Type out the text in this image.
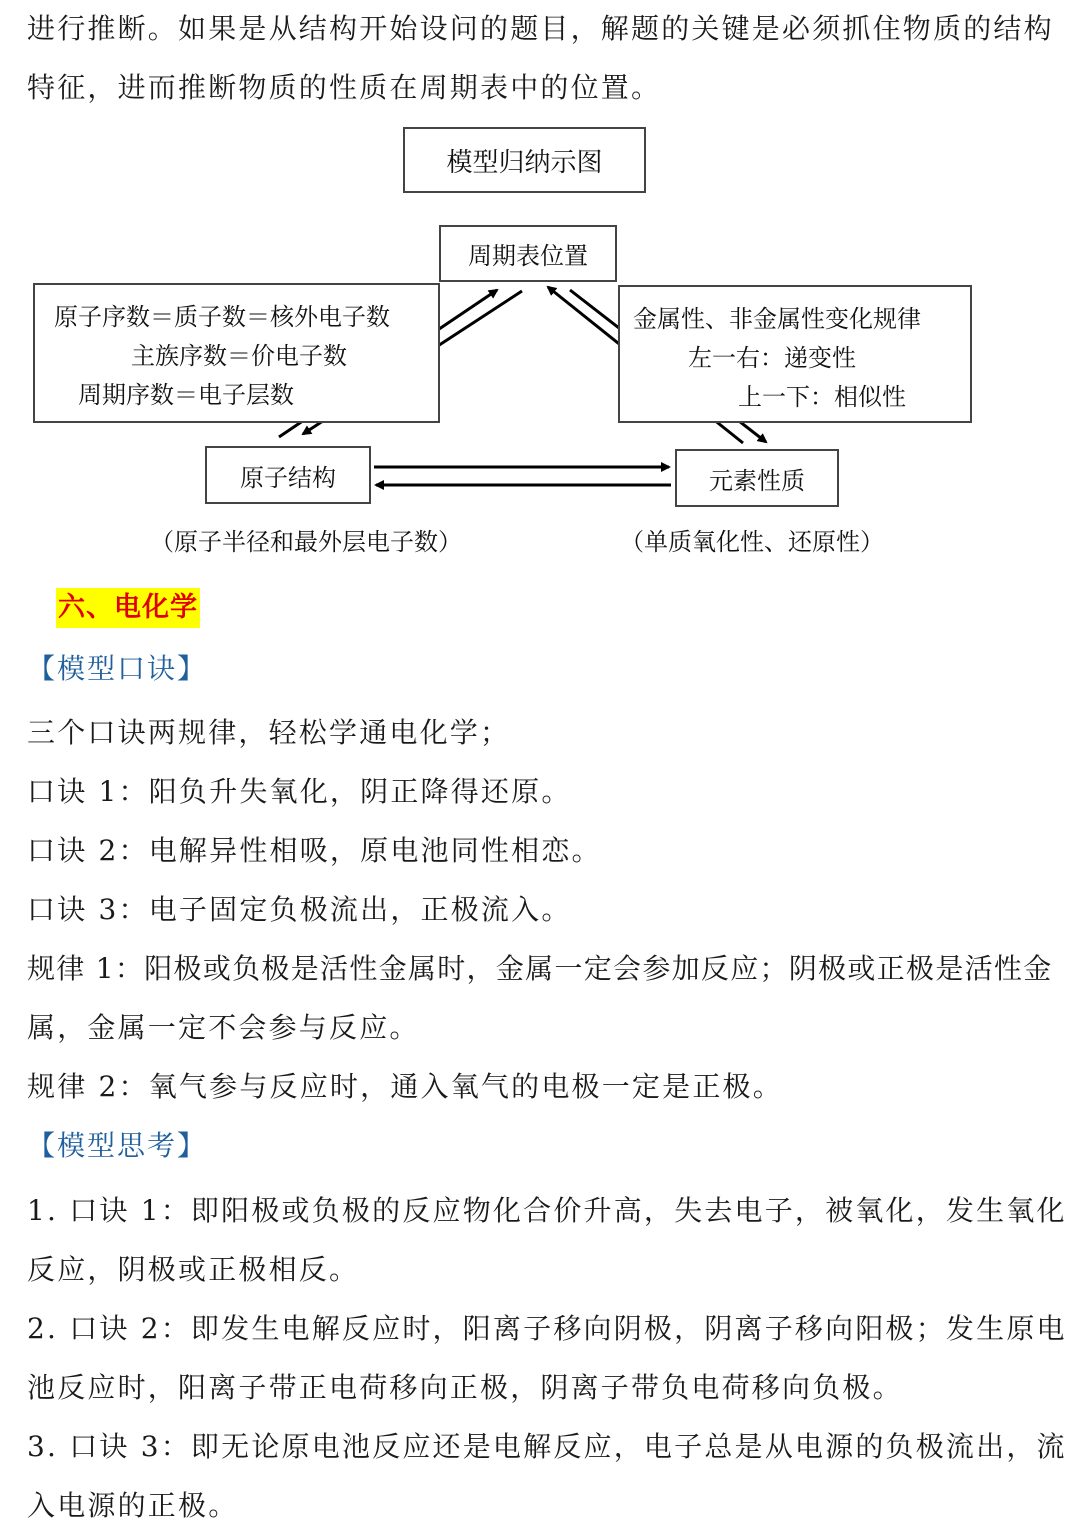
进行推断。如果是从结构开始设问的题目，解题的关键是必须抓住物质的结构
特征，进而推断物质的性质在周期表中的位置。
模型归纳示图
周期表位置
原子序数＝质子数＝核外电子数
主族序数＝价电子数
周期序数＝电子层数
金属性、非金属性变化规律
左一右：递变性
上一下：相似性
原子结构	元素性质
（原子半径和最外层电子数）	（单质氧化性、还原性）
六、电化学
【模型口诀】
三个口诀两规律，轻松学通电化学；
口诀 1：阳负升失氧化，阴正降得还原。
口诀 2：电解异性相吸，原电池同性相恋。
口诀 3：电子固定负极流出，正极流入。
规律 1：阳极或负极是活性金属时，金属一定会参加反应；阴极或正极是活性金
属，金属一定不会参与反应。
规律 2：氧气参与反应时，通入氧气的电极一定是正极。
【模型思考】
1. 口诀 1：即阳极或负极的反应物化合价升高，失去电子，被氧化，发生氧化
反应，阴极或正极相反。
2. 口诀 2：即发生电解反应时，阳离子移向阴极，阴离子移向阳极；发生原电
池反应时，阳离子带正电荷移向正极，阴离子带负电荷移向负极。
3. 口诀 3：即无论原电池反应还是电解反应，电子总是从电源的负极流出，流
入电源的正极。
